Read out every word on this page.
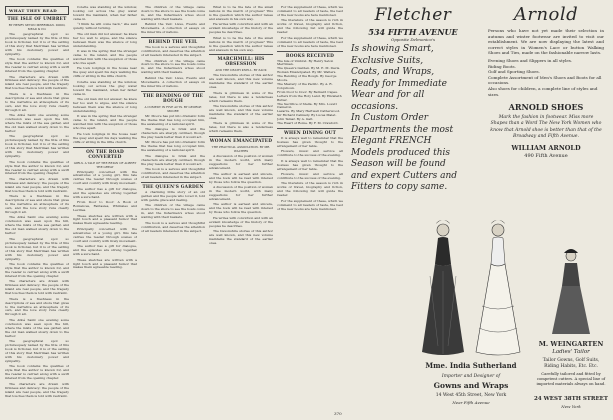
WHAT THEY READ
THE ISLE OF UMBRET
BY HENRY SETON MERRIMAN. DODD, MEAD & CO.

The geographical spot so picturesquely named by the title of this book is fictional, but it is of the setting of this story that Merriman has written with his customary power and sympathy.

The book contains the qualities of style that the author is known for, and the reader is carried along with a swift interest from the opening chapter.

The characters are drawn with firmness and delicacy; the people of the island are real people, and the tragedy that touches them is told with restraint.

There is a freshness in the descriptions of sea and shore that gives to the narrative an atmosphere of its own, and the love story runs clearly through it all.

The Abbé Saint one evening some conclusion was seen upon the hill, where the mists of the sea gather, and the old man walked slowly down to the harbor.

The geographical spot so picturesquely named by the title of this book is fictional, but it is of the setting of this story that Merriman has written with his customary power and sympathy.

The book contains the qualities of style that the author is known for, and the reader is carried along with a swift interest from the opening chapter.

The characters are drawn with firmness and delicacy; the people of the island are real people, and the tragedy that touches them is told with restraint.

There is a freshness in the descriptions of sea and shore that gives to the narrative an atmosphere of its own, and the love story runs clearly through it all.

The Abbé Saint one evening some conclusion was seen upon the hill, where the mists of the sea gather, and the old man walked slowly down to the harbor.

The geographical spot so picturesquely named by the title of this book is fictional, but it is of the setting of this story that Merriman has written with his customary power and sympathy.

The book contains the qualities of style that the author is known for, and the reader is carried along with a swift interest from the opening chapter.

The characters are drawn with firmness and delicacy; the people of the island are real people, and the tragedy that touches them is told with restraint.

There is a freshness in the descriptions of sea and shore that gives to the narrative an atmosphere of its own, and the love story runs clearly through it all.

The Abbé Saint one evening some conclusion was seen upon the hill, where the mists of the sea gather, and the old man walked slowly down to the harbor.

The geographical spot so picturesquely named by the title of this book is fictional, but it is of the setting of this story that Merriman has written with his customary power and sympathy.

The book contains the qualities of style that the author is known for, and the reader is carried along with a swift interest from the opening chapter.

The characters are drawn with firmness and delicacy; the people of the island are real people, and the tragedy that touches them is told with restraint.

Colette was standing at the window, looking out across the grey water toward the mainland, when her father came in.

“I think he will come back,” she said quietly, without turning.

The old man did not answer; he knew her too well to argue, and the silence between them was the silence of long understanding.

It was in the spring that the stranger came to the island, and the people watched him with the suspicion of those who live apart.

He took lodgings in the house near the quay and spent his days walking the cliffs or sitting in the little church.

Colette was standing at the window, looking out across the grey water toward the mainland, when her father came in.

The old man did not answer; he knew her too well to argue, and the silence between them was the silence of long understanding.

It was in the spring that the stranger came to the island, and the people watched him with the suspicion of those who live apart.

He took lodgings in the house near the quay and spent his days walking the cliffs or sitting in the little church.

ON THE ROAD CONVERTED
GIRLS. A TALE OF THE REIGN OF ALBERT THE GREAT

Principally concerned with the adventures of a young girl, this tale carries the reader through scenes of court and country with lively movement.

The author has a gift for dialogue, and the episodes are strung together with a sure hand.

From Door to Door: A Book of Romances, Fantasies, Whimsies and Levities.

These sketches are written with a light touch and a pleasant humor that makes them agreeable reading.

Principally concerned with the adventures of a young girl, this tale carries the reader through scenes of court and country with lively movement.

The author has a gift for dialogue, and the episodes are strung together with a sure hand.

These sketches are written with a light touch and a pleasant humor that makes them agreeable reading.

The children of the village came down to the shore to see the boats come in, and the fishermen's wives stood waiting with their baskets.

Behind the Veil: Lives, Events and Movements. A collection of essays on the inner life of nations.

BEHIND THE VEIL

The book is a serious and thoughtful contribution, and deserves the attention of all readers interested in the subject.

The children of the village came down to the shore to see the boats come in, and the fishermen's wives stood waiting with their baskets.

Behind the Veil: Lives, Events and Movements. A collection of essays on the inner life of nations.

THE BENDING OF THE BOUGH
A COMEDY IN FIVE ACTS. BY GEORGE MOORE

Mr. Moore has put into dramatic form the theme that has long occupied him, the awakening of a national spirit.

The dialogue is brisk and the characters are sharply outlined, though the play reads better than it would act.

Mr. Moore has put into dramatic form the theme that has long occupied him, the awakening of a national spirit.

The dialogue is brisk and the characters are sharply outlined, though the play reads better than it would act.

The book is a serious and thoughtful contribution, and deserves the attention of all readers interested in the subject.

THE QUEEN'S GARDEN

A charming little story of an old garden and the people who loved it, told with gentle grace and feeling.

The children of the village came down to the shore to see the boats come in, and the fishermen's wives stood waiting with their baskets.

The book is a serious and thoughtful contribution, and deserves the attention of all readers interested in the subject.

What is to be the fate of the small nations in the march of progress? This is the question which the author raises and answers in his own way.

He writes with conviction and with an evident knowledge of the history of the peoples he describes.

What is to be the fate of the small nations in the march of progress? This is the question which the author raises and answers in his own way.

MARCHMILL: HIS OBSESSION
AND THE DEATH KNELL. BY ZACK

The Devonshire stories of this author are well known, and this new volume maintains the standard of the earlier ones.

There is grimness in some of the tales, but there is also a tenderness which redeems them.

The Devonshire stories of this author are well known, and this new volume maintains the standard of the earlier ones.

There is grimness in some of the tales, but there is also a tenderness which redeems them.

WOMAN EMANCIPATED
THE PRACTICAL ASSOCIATION. BY MR. WALTERS

A discussion of the position of woman in the modern world, with many suggestions for her further advancement.

The author is earnest and sincere, and the book will be read with interest by those who follow the question.

A discussion of the position of woman in the modern world, with many suggestions for her further advancement.

The author is earnest and sincere, and the book will be read with interest by those who follow the question.

He writes with conviction and with an evident knowledge of the history of the peoples he describes.

The Devonshire stories of this author are well known, and this new volume maintains the standard of the earlier ones.

For the supplement of these, which we commend to all readers of taste, the best of the new books are here mentioned.

The literature of the season is rich in works of travel, biography and fiction, and the following list will guide the reader.

For the supplement of these, which we commend to all readers of taste, the best of the new books are here mentioned.

BOOKS RECEIVED
The Isle of Umbret. By Henry Seton Merriman.
The Queen's Garden. By M. E. M. Davis.
Woman Emancipated. By Mr. Walters.
The Bending of the Bough. By George Moore.
The Mastery of the Pacific. By A. R. Colquhoun.
From Door to Door. By Bernard Capes.
Letters from the Holy Land. By Elizabeth Butler.
The Sacrifice of Stella. By Mrs. Lovett Cameron.
Lazarre. By Mary Hartwell Catherwood.
Sir Richard Calmady. By Lucas Malet.
John Tamar. By A. Galt.
The Heart of Rome. By F. M. Crawford.
WHEN DINING OUT

It is always well to remember that the hostess has given thought to the arrangement of her table.

Flowers, music and service all contribute to the success of the evening.

It is always well to remember that the hostess has given thought to the arrangement of her table.

Flowers, music and service all contribute to the success of the evening.

The literature of the season is rich in works of travel, biography and fiction, and the following list will guide the reader.

For the supplement of these, which we commend to all readers of taste, the best of the new books are here mentioned.

370
Fletcher
534 FIFTH AVENUE
Opposite Delmonico's
Is showing Smart,
Exclusive Suits,
Coats, and Wraps,
Ready for Immediate
Wear and for all
occasions.
In Custom Order
Departments the most
Elegant FRENCH
Models produced this
Season will be found
and expert Cutters and
Fitters to copy same.
Arnold

Persons who have not yet made their selection in autumn and winter footwear are invited to visit our establishment. We are now displaying the latest and correct styles in Women's Lace or button Walking Shoes and Ties, made on the fashionable narrow lasts.

Evening Shoes and Slippers in all styles.
Riding Boots.
Golf and Sporting Shoes.
Complete Assortment of Men's Shoes and Boots for all occasions.
Also shoes for children, a complete line of styles and sizes.
ARNOLD SHOES

Mark the fashion in footwear. Miss more Shapes than a Word The New York Women who know that Arnold shoe is better than that of the Broadway and Fifth Avenue.

WILLIAM ARNOLD
490 Fifth Avenue
Mme. India Sutherland
Importer and Designer of
Gowns and Wraps
14 West 45th Street, New York
Near Fifth Avenue
M. WEINGARTEN
Ladies' Tailor
Tailor Gowns, Golf Suits,
Riding Habits, Etc. Etc.

Carefully tailored and fitted by competent cutters. A special line of imported materials always on hand.

24 WEST 38TH STREET
New York
